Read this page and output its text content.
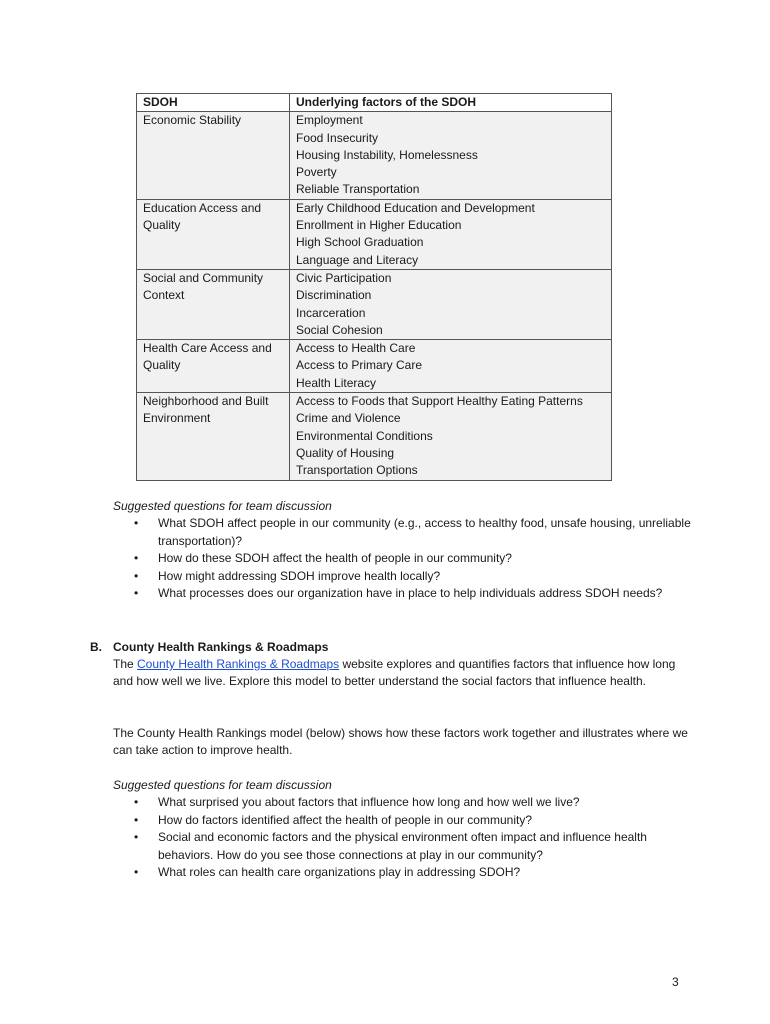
SDOH	Underlying factors of the SDOH
Economic Stability	Employment
Food Insecurity
Housing Instability, Homelessness
Poverty
Reliable Transportation

Education Access and Quality	Early Childhood Education and Development
Enrollment in Higher Education
High School Graduation
Language and Literacy

Social and Community Context	Civic Participation
Discrimination
Incarceration
Social Cohesion

Health Care Access and Quality	Access to Health Care
Access to Primary Care
Health Literacy

Neighborhood and Built Environment	Access to Foods that Support Healthy Eating Patterns
Crime and Violence
Environmental Conditions
Quality of Housing
Transportation Options
Suggested questions for team discussion
• What SDOH affect people in our community (e.g., access to healthy food, unsafe housing, unreliable transportation)?
• How do these SDOH affect the health of people in our community?
• How might addressing SDOH improve health locally?
• What processes does our organization have in place to help individuals address SDOH needs?
B. County Health Rankings & Roadmaps
The County Health Rankings & Roadmaps website explores and quantifies factors that influence how long and how well we live. Explore this model to better understand the social factors that influence health.
The County Health Rankings model (below) shows how these factors work together and illustrates where we can take action to improve health.
Suggested questions for team discussion
• What surprised you about factors that influence how long and how well we live?
• How do factors identified affect the health of people in our community?
• Social and economic factors and the physical environment often impact and influence health behaviors. How do you see those connections at play in our community?
• What roles can health care organizations play in addressing SDOH?
3
